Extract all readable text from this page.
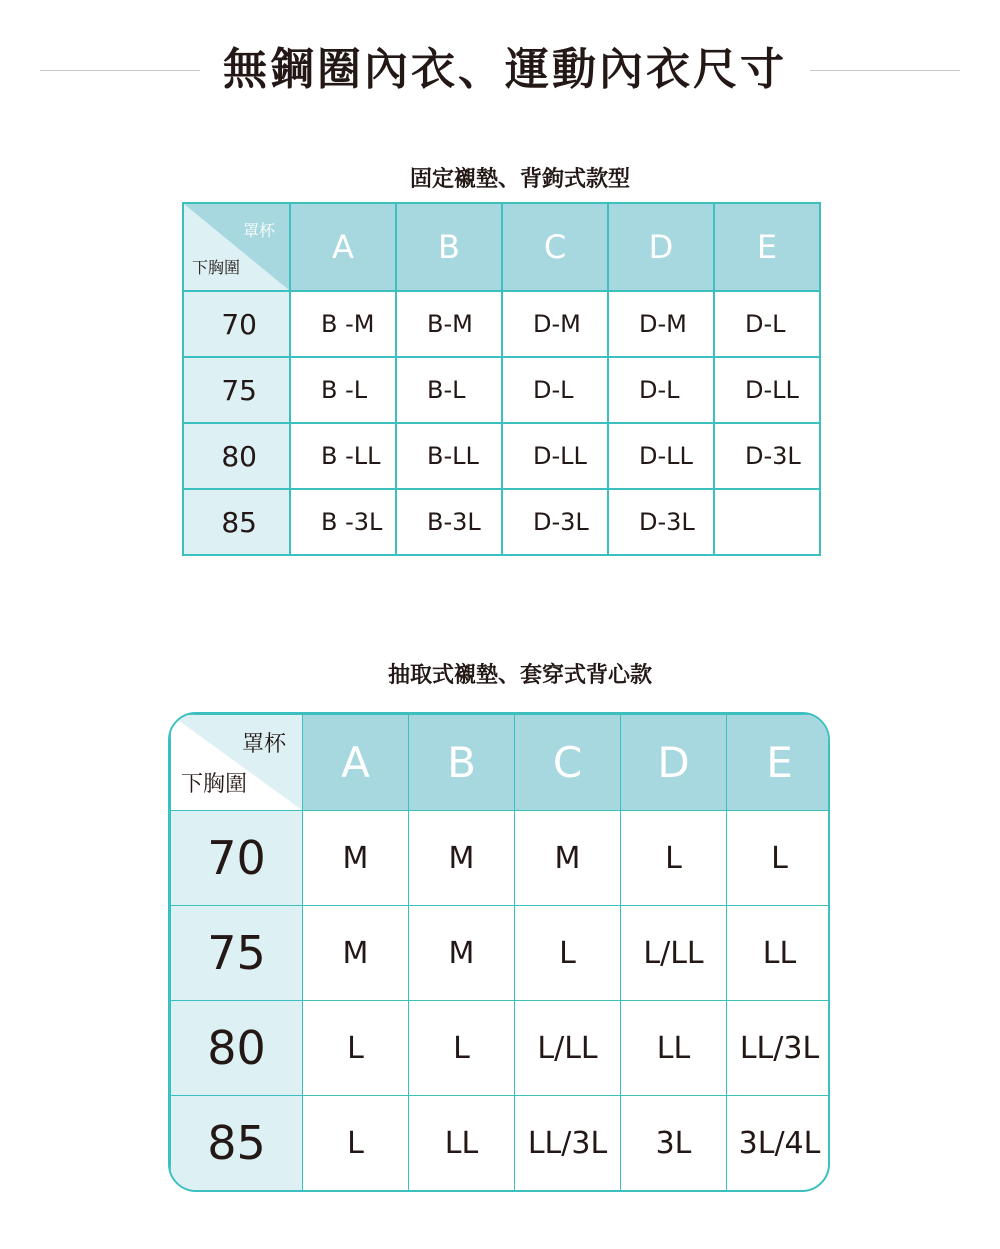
無鋼圈內衣、運動內衣尺寸
固定襯墊、背鉤式款型
罩杯
下胸圍	A	B	C	D	E
70	B -M	B-M	D-M	D-M	D-L
75	B -L	B-L	D-L	D-L	D-LL
80	B -LL	B-LL	D-LL	D-LL	D-3L
85	B -3L	B-3L	D-3L	D-3L	
抽取式襯墊、套穿式背心款
罩杯
下胸圍	A	B	C	D	E
70	M	M	M	L	L
75	M	M	L	L/LL	LL
80	L	L	L/LL	LL	LL/3L
85	L	LL	LL/3L	3L	3L/4L
